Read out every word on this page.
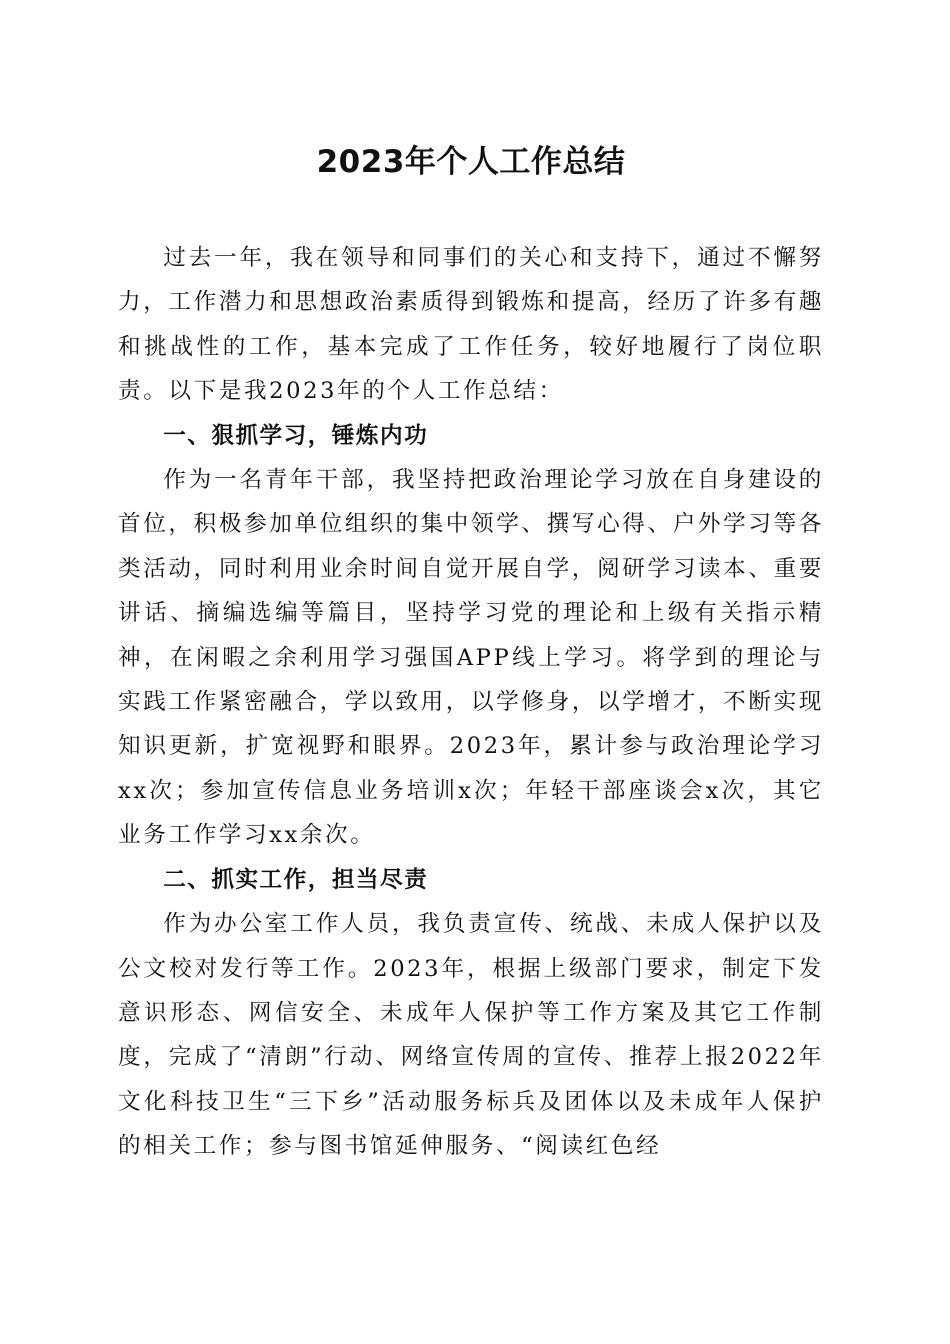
2023年个人工作总结

过去一年，我在领导和同事们的关心和支持下，通过不懈努力，工作潜力和思想政治素质得到锻炼和提高，经历了许多有趣和挑战性的工作，基本完成了工作任务，较好地履行了岗位职责。以下是我2023年的个人工作总结：

一、狠抓学习，锤炼内功

作为一名青年干部，我坚持把政治理论学习放在自身建设的首位，积极参加单位组织的集中领学、撰写心得、户外学习等各类活动，同时利用业余时间自觉开展自学，阅研学习读本、重要讲话、摘编选编等篇目，坚持学习党的理论和上级有关指示精神，在闲暇之余利用学习强国APP线上学习。将学到的理论与实践工作紧密融合，学以致用，以学修身，以学增才，不断实现知识更新，扩宽视野和眼界。2023年，累计参与政治理论学习xx次；参加宣传信息业务培训x次；年轻干部座谈会x次，其它业务工作学习xx余次。

二、抓实工作，担当尽责

作为办公室工作人员，我负责宣传、统战、未成人保护以及公文校对发行等工作。2023年，根据上级部门要求，制定下发意识形态、网信安全、未成年人保护等工作方案及其它工作制度，完成了“清朗”行动、网络宣传周的宣传、推荐上报2022年文化科技卫生“三下乡”活动服务标兵及团体以及未成年人保护的相关工作；参与图书馆延伸服务、“阅读红色经
